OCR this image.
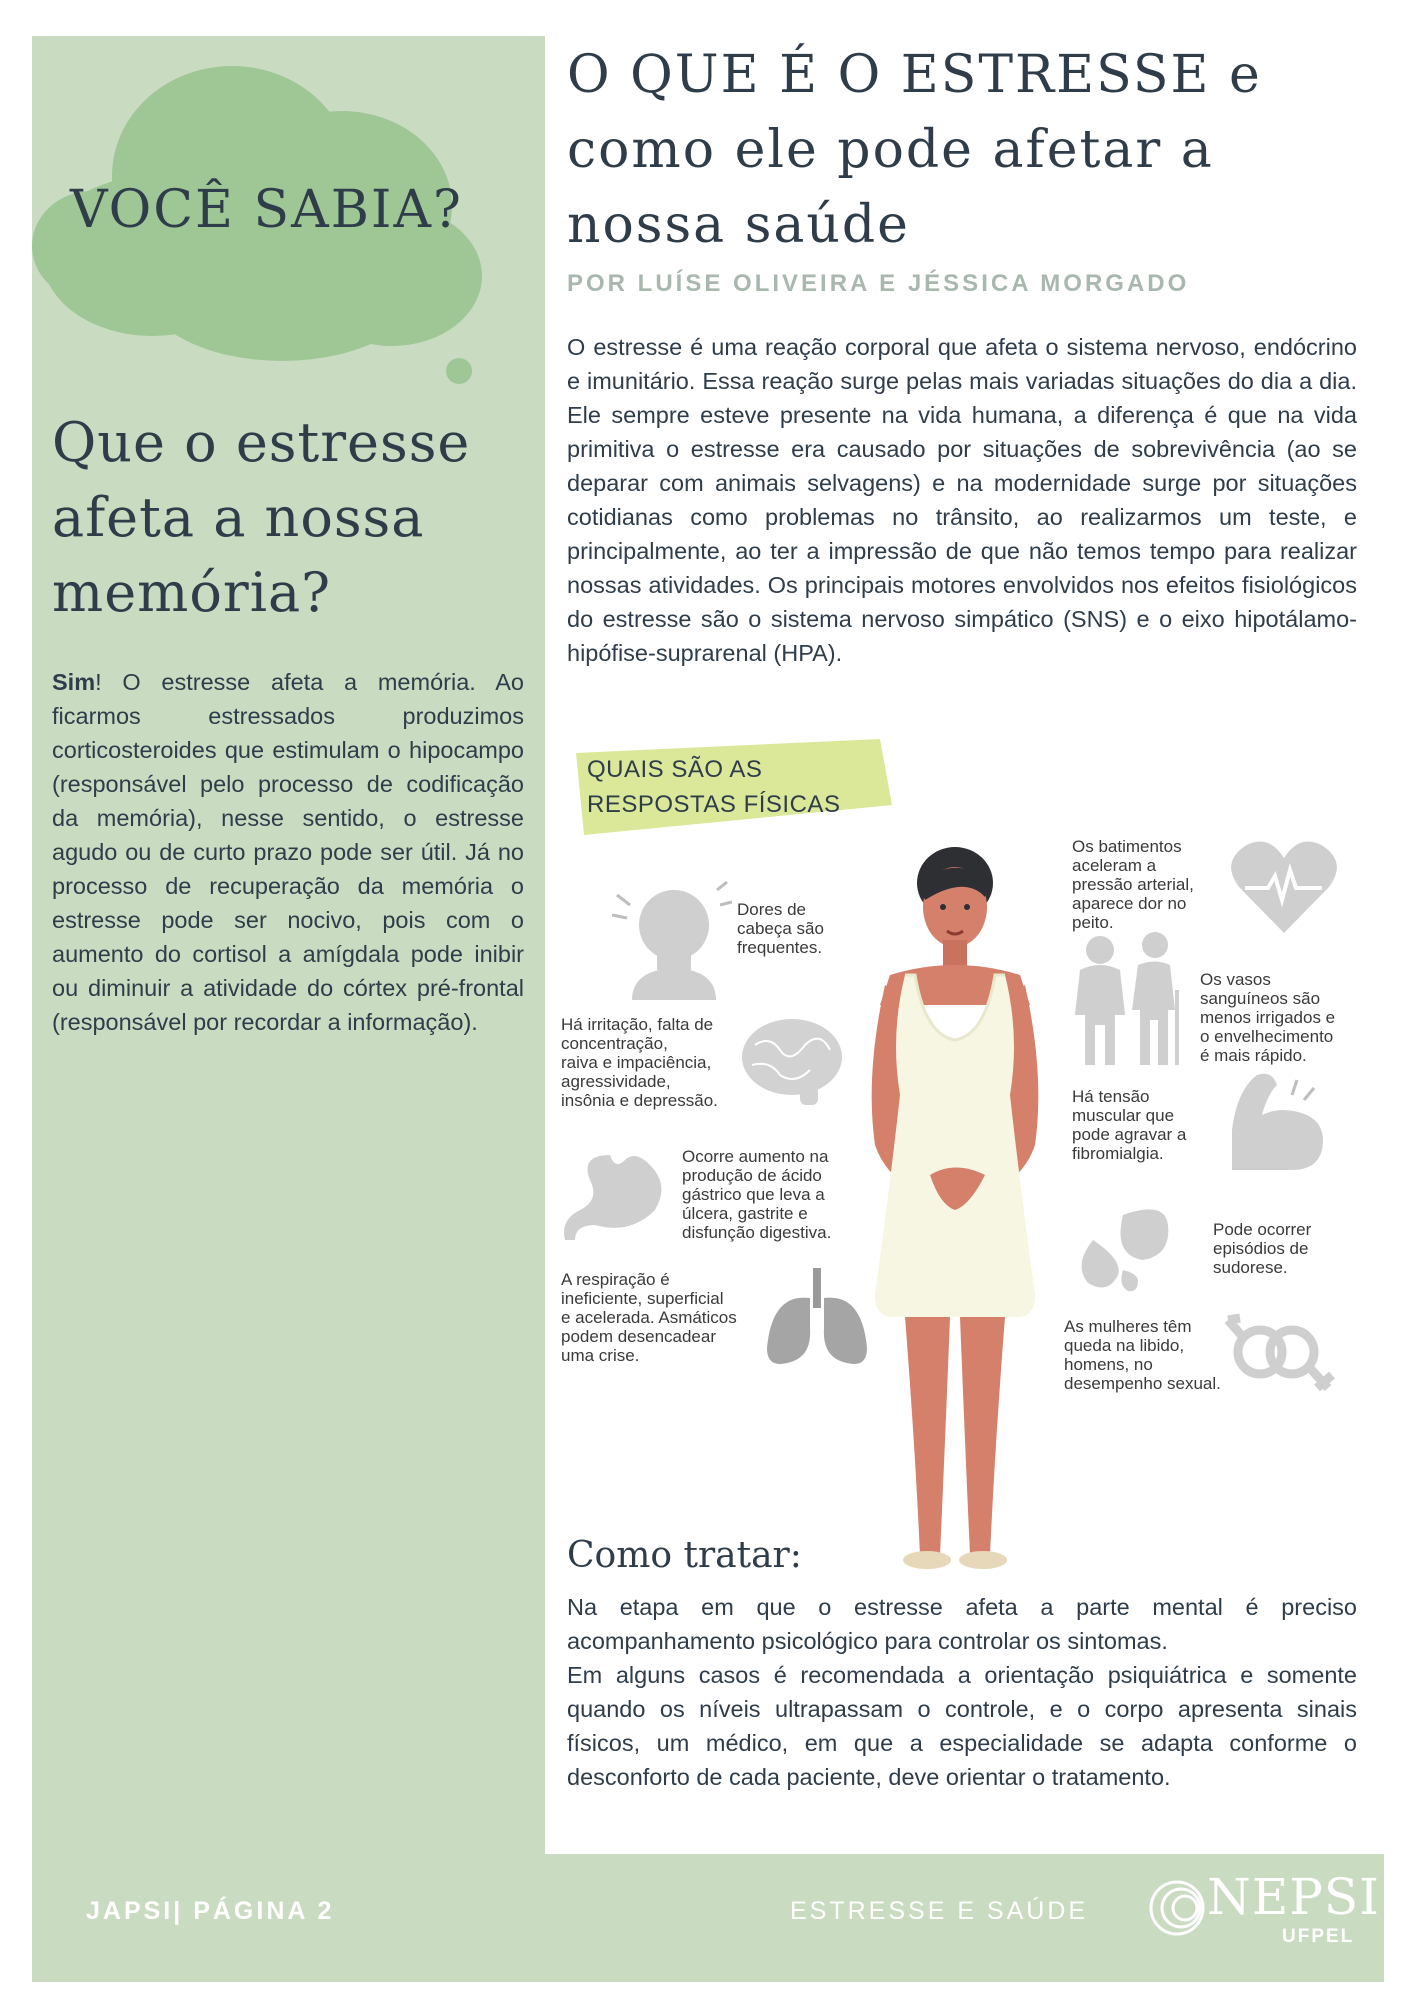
VOCÊ SABIA?
Que o estresse afeta a nossa memória?
Sim! O estresse afeta a memória. Ao ficarmos estressados produzimos corticosteroides que estimulam o hipocampo (responsável pelo processo de codificação da memória), nesse sentido, o estresse agudo ou de curto prazo pode ser útil. Já no processo de recuperação da memória o estresse pode ser nocivo, pois com o aumento do cortisol a amígdala pode inibir ou diminuir a atividade do córtex pré-frontal (responsável por recordar a informação).
O QUE É O ESTRESSE e
como ele pode afetar a
nossa saúde
POR LUÍSE OLIVEIRA E JÉSSICA MORGADO
O estresse é uma reação corporal que afeta o sistema nervoso, endócrino e imunitário. Essa reação surge pelas mais variadas situações do dia a dia. Ele sempre esteve presente na vida humana, a diferença é que na vida primitiva o estresse era causado por situações de sobrevivência (ao se deparar com animais selvagens) e na modernidade surge por situações cotidianas como problemas no trânsito, ao realizarmos um teste, e principalmente, ao ter a impressão de que não temos tempo para realizar nossas atividades. Os principais motores envolvidos nos efeitos fisiológicos do estresse são o sistema nervoso simpático (SNS) e o eixo hipotálamo-hipófise-suprarenal (HPA).
QUAIS SÃO AS
RESPOSTAS FÍSICAS
Dores de
cabeça são
frequentes.
Há irritação, falta de
concentração,
raiva e impaciência,
agressividade,
insônia e depressão.
Ocorre aumento na
produção de ácido
gástrico que leva a
úlcera, gastrite e
disfunção digestiva.
A respiração é
ineficiente, superficial
e acelerada. Asmáticos
podem desencadear
uma crise.
Os batimentos
aceleram a
pressão arterial,
aparece dor no
peito.
Os vasos
sanguíneos são
menos irrigados e
o envelhecimento
é mais rápido.
Há tensão
muscular que
pode agravar a
fibromialgia.
Pode ocorrer
episódios de
sudorese.
As mulheres têm
queda na libido,
homens, no
desempenho sexual.
Como tratar:

Na etapa em que o estresse afeta a parte mental é preciso acompanhamento psicológico para controlar os sintomas.

Em alguns casos é recomendada a orientação psiquiátrica e somente quando os níveis ultrapassam o controle, e o corpo apresenta sinais físicos, um médico, em que a especialidade se adapta conforme o desconforto de cada paciente, deve orientar o tratamento.

JAPSI| PÁGINA 2	ESTRESSE E SAÚDE NEPSI
UFPEL
